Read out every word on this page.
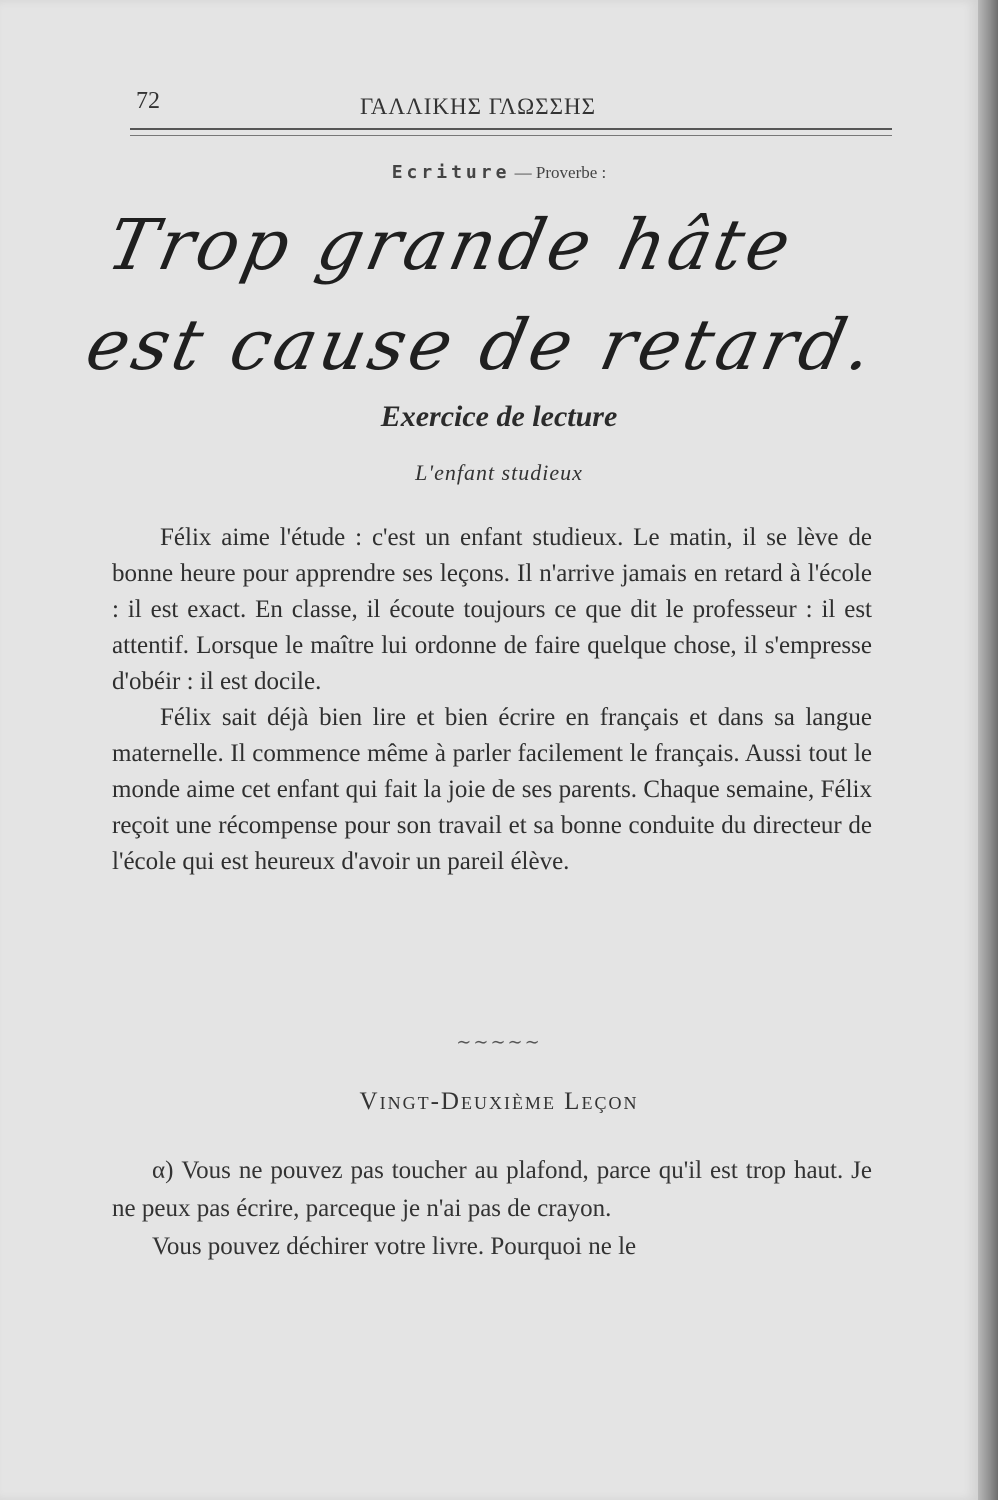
72	ΓΑΛΛΙΚΗΣ ΓΛΩΣΣΗΣ
Ecriture — Proverbe :
Trop grande hâte est cause de retard.
Exercice de lecture
L'enfant studieux

Félix aime l'étude : c'est un enfant studieux. Le matin, il se lève de bonne heure pour apprendre ses leçons. Il n'arrive jamais en retard à l'école : il est exact. En classe, il écoute toujours ce que dit le professeur : il est attentif. Lorsque le maître lui ordonne de faire quelque chose, il s'empresse d'obéir : il est docile.

Félix sait déjà bien lire et bien écrire en français et dans sa langue maternelle. Il commence même à parler facilement le français. Aussi tout le monde aime cet enfant qui fait la joie de ses parents. Chaque semaine, Félix reçoit une récompense pour son travail et sa bonne conduite du directeur de l'école qui est heureux d'avoir un pareil élève.

∼∼∼∼∼
Vingt-Deuxième Leçon

α) Vous ne pouvez pas toucher au plafond, parce qu'il est trop haut. Je ne peux pas écrire, parceque je n'ai pas de crayon.

Vous pouvez déchirer votre livre. Pourquoi ne le
